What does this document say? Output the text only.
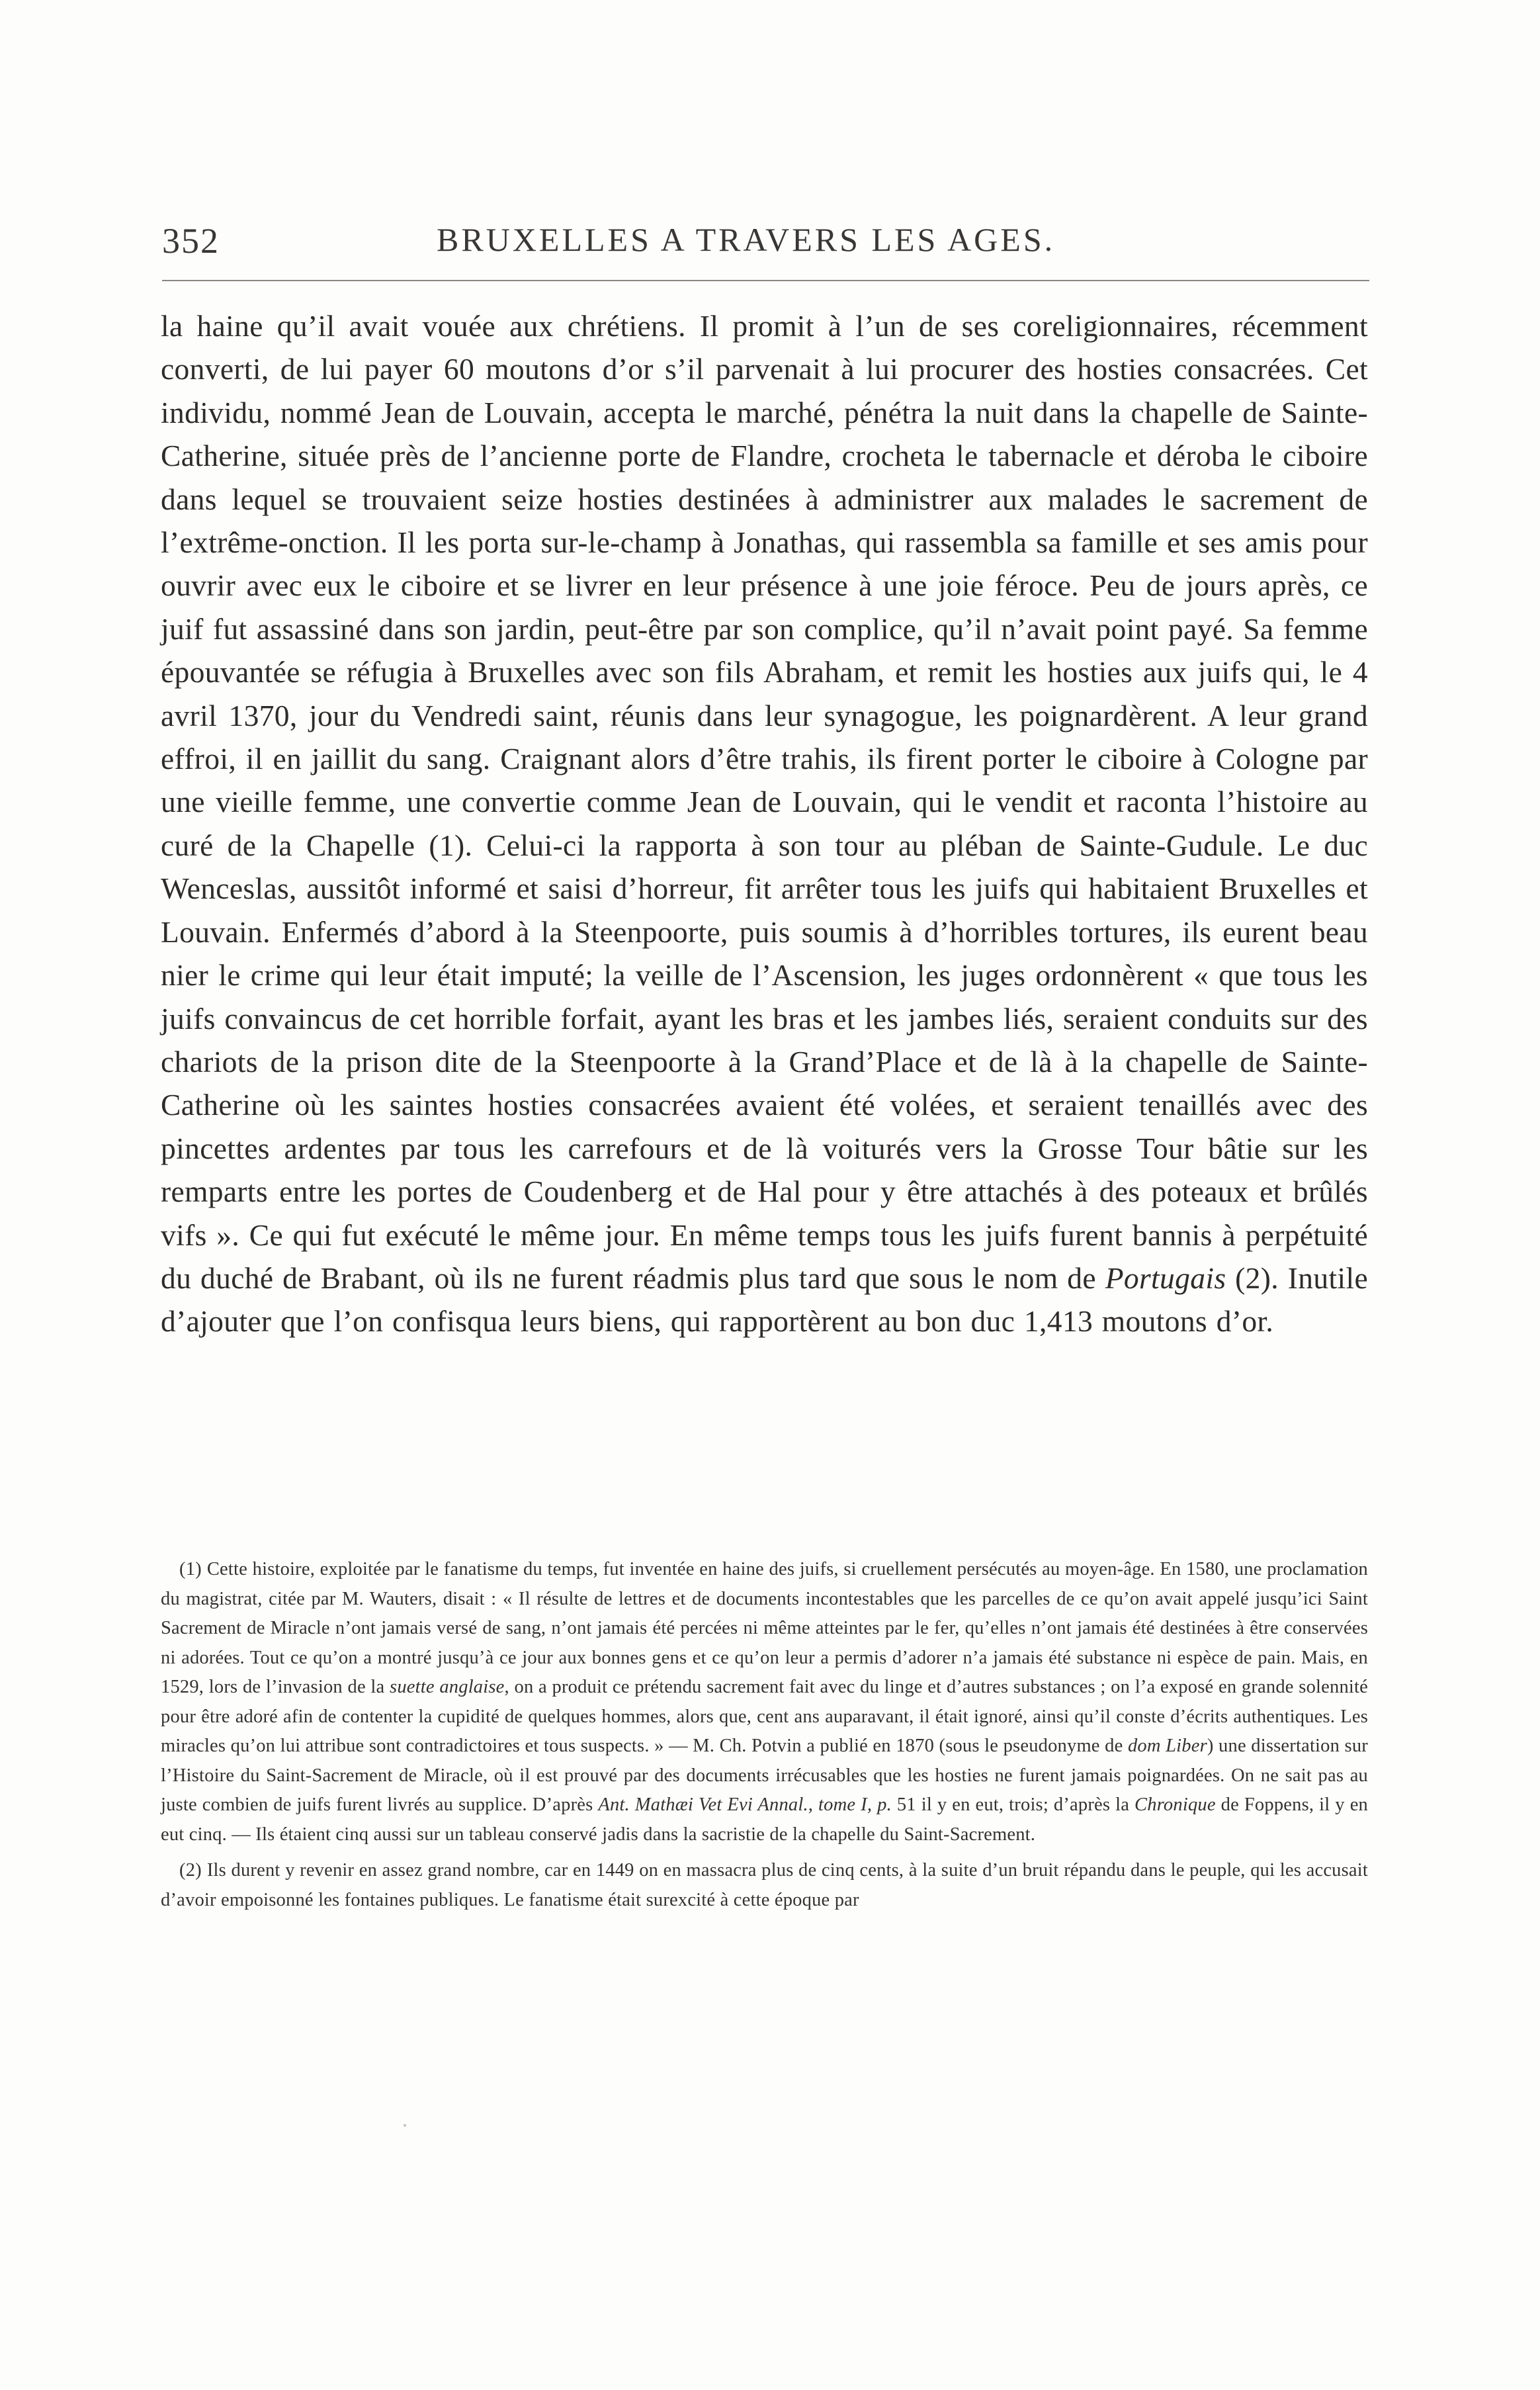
352	BRUXELLES A TRAVERS LES AGES.

la haine qu’il avait vouée aux chrétiens. Il promit à l’un de ses coreligionnaires, récemment converti, de lui payer 60 moutons d’or s’il parvenait à lui procurer des hosties consacrées. Cet individu, nommé Jean de Louvain, accepta le marché, pénétra la nuit dans la chapelle de Sainte-Catherine, située près de l’ancienne porte de Flandre, crocheta le tabernacle et déroba le ciboire dans lequel se trouvaient seize hosties destinées à administrer aux malades le sacrement de l’extrême-onction. Il les porta sur-le-champ à Jonathas, qui rassembla sa famille et ses amis pour ouvrir avec eux le ciboire et se livrer en leur présence à une joie féroce. Peu de jours après, ce juif fut assassiné dans son jardin, peut-être par son complice, qu’il n’avait point payé. Sa femme épouvantée se réfugia à Bruxelles avec son fils Abraham, et remit les hosties aux juifs qui, le 4 avril 1370, jour du Vendredi saint, réunis dans leur synagogue, les poignardèrent. A leur grand effroi, il en jaillit du sang. Craignant alors d’être trahis, ils firent porter le ciboire à Cologne par une vieille femme, une convertie comme Jean de Louvain, qui le vendit et raconta l’histoire au curé de la Chapelle (1). Celui-ci la rapporta à son tour au pléban de Sainte-Gudule. Le duc Wenceslas, aussitôt informé et saisi d’horreur, fit arrêter tous les juifs qui habitaient Bruxelles et Louvain. Enfermés d’abord à la Steenpoorte, puis soumis à d’horribles tortures, ils eurent beau nier le crime qui leur était imputé; la veille de l’Ascension, les juges ordonnèrent « que tous les juifs convaincus de cet horrible forfait, ayant les bras et les jambes liés, seraient conduits sur des chariots de la prison dite de la Steenpoorte à la Grand’Place et de là à la chapelle de Sainte-Catherine où les saintes hosties consacrées avaient été volées, et seraient tenaillés avec des pincettes ardentes par tous les carrefours et de là voiturés vers la Grosse Tour bâtie sur les remparts entre les portes de Coudenberg et de Hal pour y être attachés à des poteaux et brûlés vifs ». Ce qui fut exécuté le même jour. En même temps tous les juifs furent bannis à perpétuité du duché de Brabant, où ils ne furent réadmis plus tard que sous le nom de Portugais (2). Inutile d’ajouter que l’on confisqua leurs biens, qui rapportèrent au bon duc 1,413 moutons d’or.

(1) Cette histoire, exploitée par le fanatisme du temps, fut inventée en haine des juifs, si cruellement persécutés au moyen-âge. En 1580, une proclamation du magistrat, citée par M. Wauters, disait : « Il résulte de lettres et de documents incontestables que les parcelles de ce qu’on avait appelé jusqu’ici Saint Sacrement de Miracle n’ont jamais versé de sang, n’ont jamais été percées ni même atteintes par le fer, qu’elles n’ont jamais été destinées à être conservées ni adorées. Tout ce qu’on a montré jusqu’à ce jour aux bonnes gens et ce qu’on leur a permis d’adorer n’a jamais été substance ni espèce de pain. Mais, en 1529, lors de l’invasion de la suette anglaise, on a produit ce prétendu sacrement fait avec du linge et d’autres substances ; on l’a exposé en grande solennité pour être adoré afin de contenter la cupidité de quelques hommes, alors que, cent ans auparavant, il était ignoré, ainsi qu’il conste d’écrits authentiques. Les miracles qu’on lui attribue sont contradictoires et tous suspects. » — M. Ch. Potvin a publié en 1870 (sous le pseudonyme de dom Liber) une dissertation sur l’Histoire du Saint-Sacrement de Miracle, où il est prouvé par des documents irrécusables que les hosties ne furent jamais poignardées. On ne sait pas au juste combien de juifs furent livrés au supplice. D’après Ant. Mathæi Vet Evi Annal., tome I, p. 51 il y en eut, trois; d’après la Chronique de Foppens, il y en eut cinq. — Ils étaient cinq aussi sur un tableau conservé jadis dans la sacristie de la chapelle du Saint-Sacrement.

(2) Ils durent y revenir en assez grand nombre, car en 1449 on en massacra plus de cinq cents, à la suite d’un bruit répandu dans le peuple, qui les accusait d’avoir empoisonné les fontaines publiques. Le fanatisme était surexcité à cette époque par
